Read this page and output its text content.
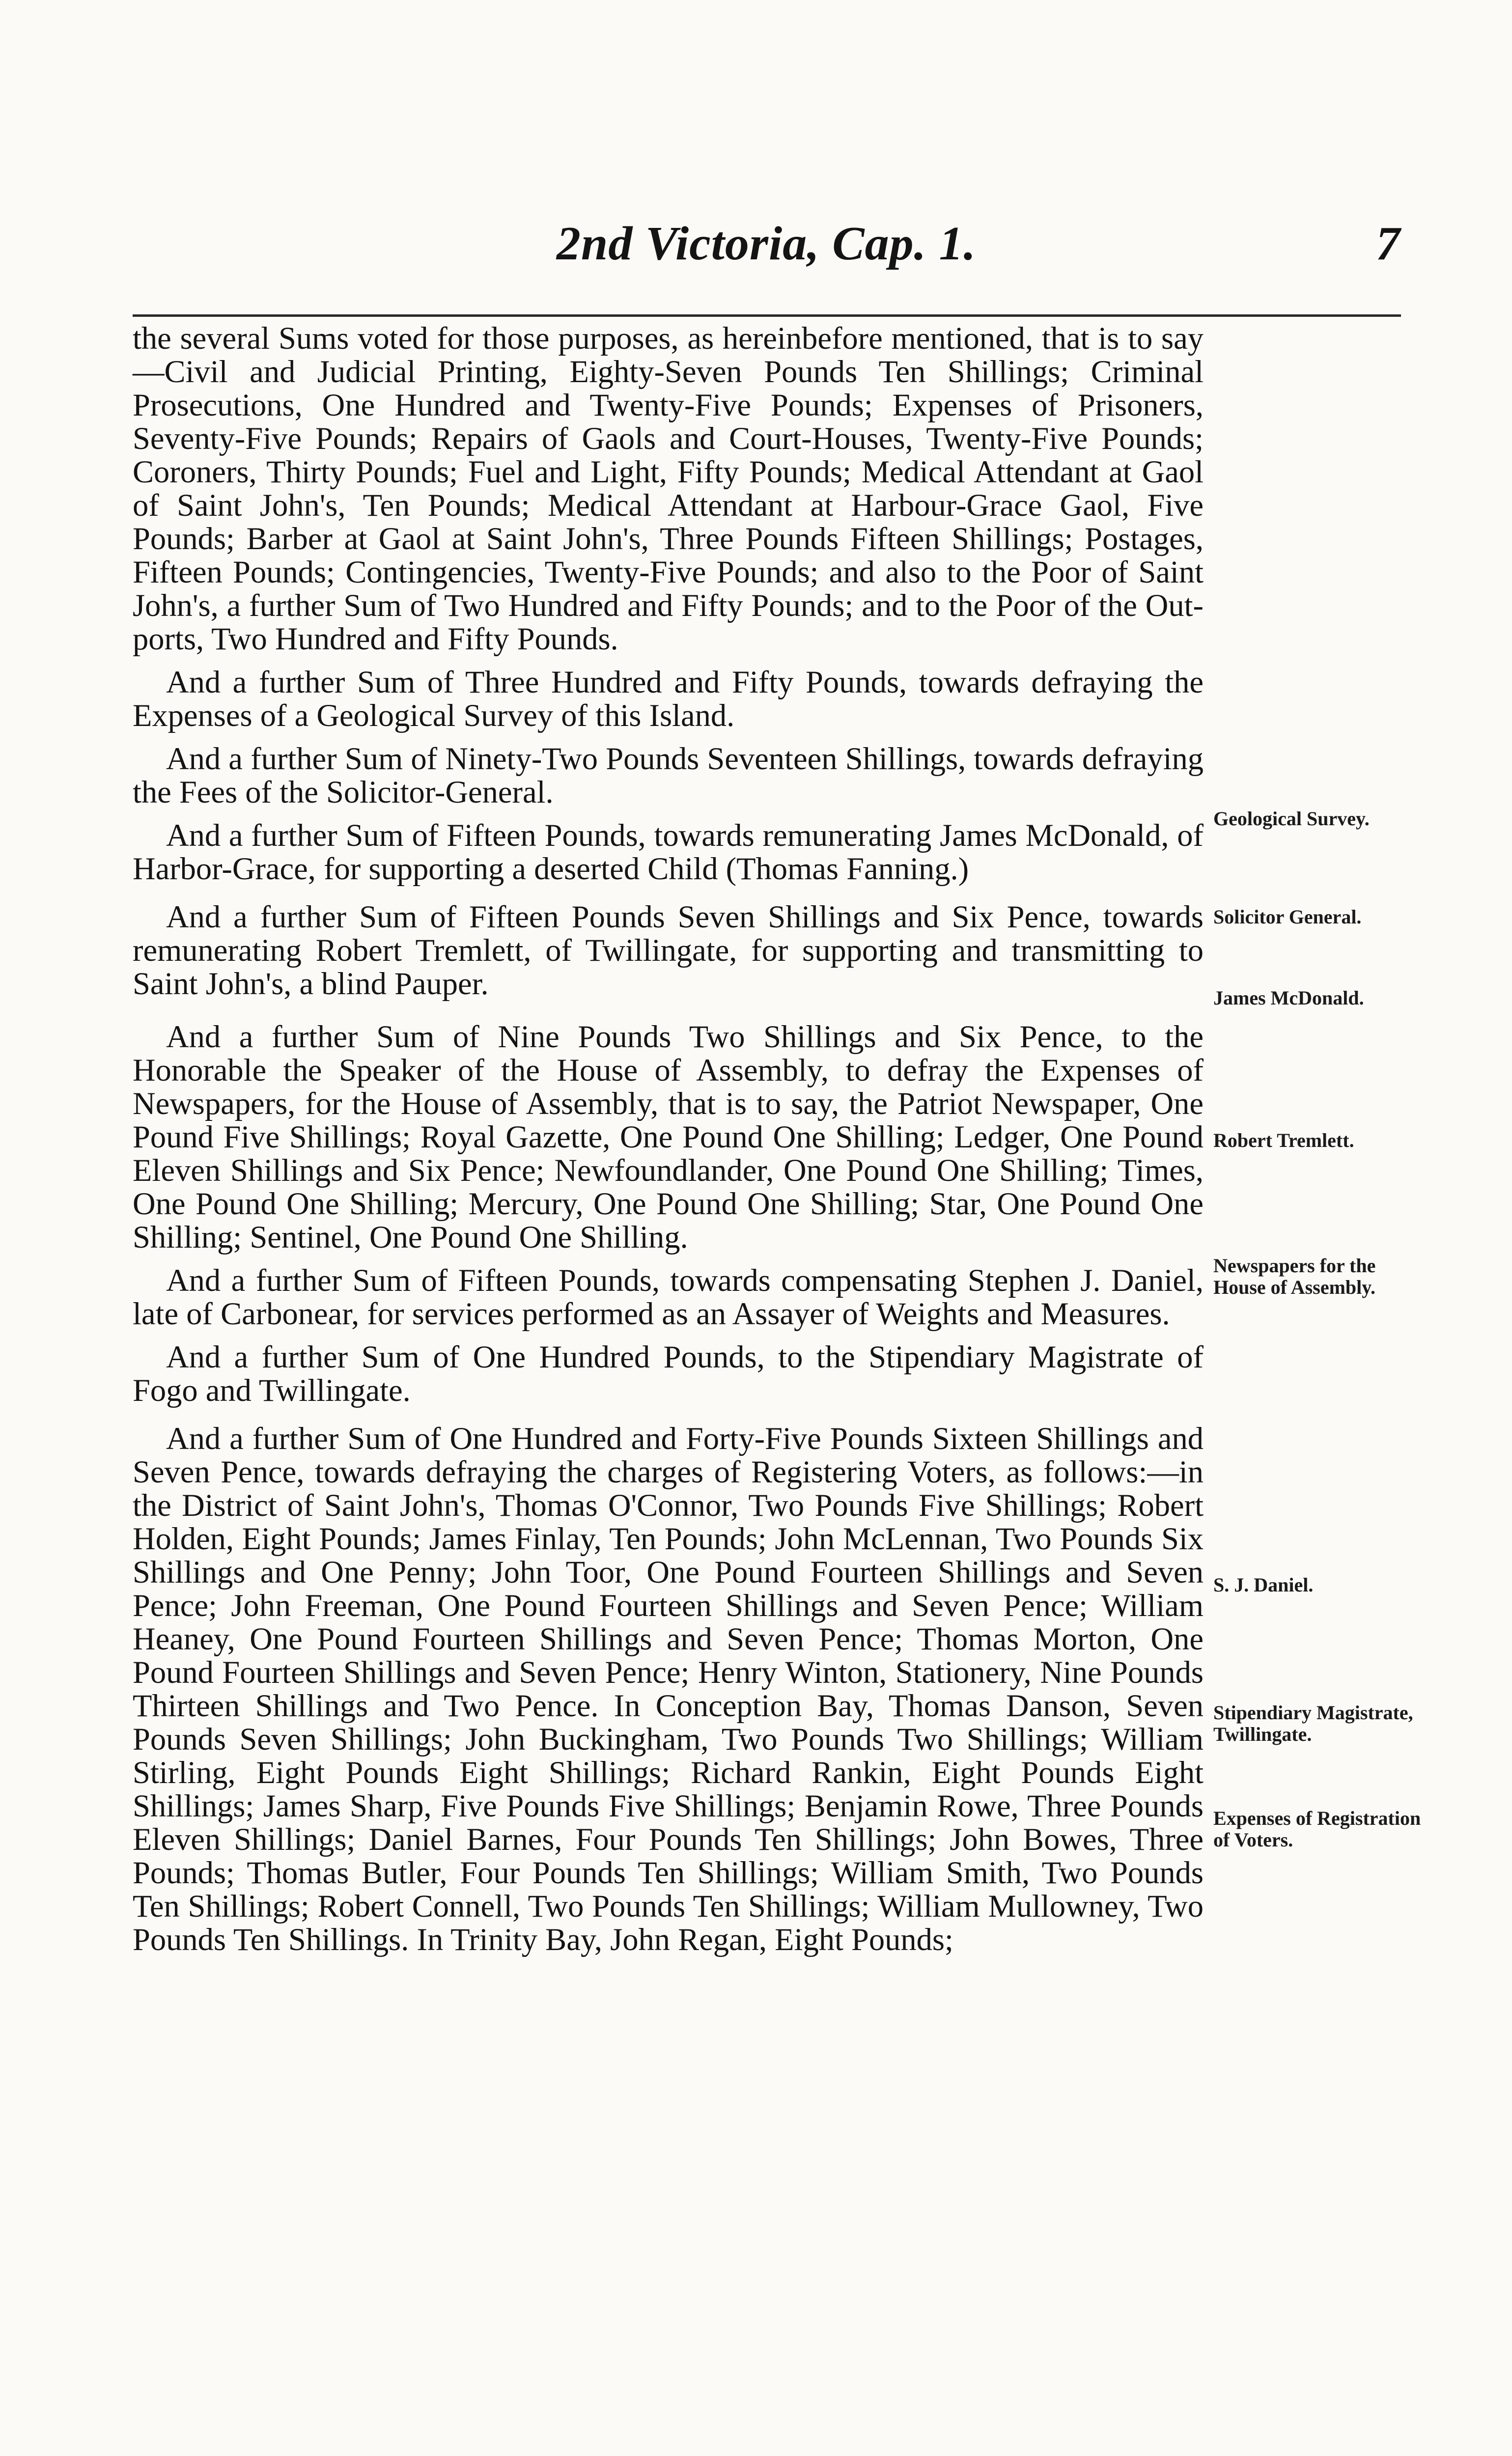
2nd Victoria, Cap. 1.	7

the several Sums voted for those purposes, as hereinbefore mentioned, that is to say—Civil and Judicial Printing, Eighty-Seven Pounds Ten Shillings; Criminal Prosecutions, One Hundred and Twenty-Five Pounds; Expenses of Prisoners, Seventy-Five Pounds; Repairs of Gaols and Court-Houses, Twenty-Five Pounds; Coroners, Thirty Pounds; Fuel and Light, Fifty Pounds; Medical Attendant at Gaol of Saint John's, Ten Pounds; Medical Attendant at Harbour-Grace Gaol, Five Pounds; Barber at Gaol at Saint John's, Three Pounds Fifteen Shillings; Postages, Fifteen Pounds; Contingencies, Twenty-Five Pounds; and also to the Poor of Saint John's, a further Sum of Two Hundred and Fifty Pounds; and to the Poor of the Out-ports, Two Hundred and Fifty Pounds.

And a further Sum of Three Hundred and Fifty Pounds, towards defraying the Expenses of a Geological Survey of this Island.

And a further Sum of Ninety-Two Pounds Seventeen Shillings, towards defraying the Fees of the Solicitor-General.

And a further Sum of Fifteen Pounds, towards remunerating James McDonald, of Harbor-Grace, for supporting a deserted Child (Thomas Fanning.)

And a further Sum of Fifteen Pounds Seven Shillings and Six Pence, towards remunerating Robert Tremlett, of Twillingate, for supporting and transmitting to Saint John's, a blind Pauper.

And a further Sum of Nine Pounds Two Shillings and Six Pence, to the Honorable the Speaker of the House of Assembly, to defray the Expenses of Newspapers, for the House of Assembly, that is to say, the Patriot Newspaper, One Pound Five Shillings; Royal Gazette, One Pound One Shilling; Ledger, One Pound Eleven Shillings and Six Pence; Newfoundlander, One Pound One Shilling; Times, One Pound One Shilling; Mercury, One Pound One Shilling; Star, One Pound One Shilling; Sentinel, One Pound One Shilling.

And a further Sum of Fifteen Pounds, towards compensating Stephen J. Daniel, late of Carbonear, for services performed as an Assayer of Weights and Measures.

And a further Sum of One Hundred Pounds, to the Stipendiary Magistrate of Fogo and Twillingate.

And a further Sum of One Hundred and Forty-Five Pounds Sixteen Shillings and Seven Pence, towards defraying the charges of Registering Voters, as follows:—in the District of Saint John's, Thomas O'Connor, Two Pounds Five Shillings; Robert Holden, Eight Pounds; James Finlay, Ten Pounds; John McLennan, Two Pounds Six Shillings and One Penny; John Toor, One Pound Fourteen Shillings and Seven Pence; John Freeman, One Pound Fourteen Shillings and Seven Pence; William Heaney, One Pound Fourteen Shillings and Seven Pence; Thomas Morton, One Pound Fourteen Shillings and Seven Pence; Henry Winton, Stationery, Nine Pounds Thirteen Shillings and Two Pence. In Conception Bay, Thomas Danson, Seven Pounds Seven Shillings; John Buckingham, Two Pounds Two Shillings; William Stirling, Eight Pounds Eight Shillings; Richard Rankin, Eight Pounds Eight Shillings; James Sharp, Five Pounds Five Shillings; Benjamin Rowe, Three Pounds Eleven Shillings; Daniel Barnes, Four Pounds Ten Shillings; John Bowes, Three Pounds; Thomas Butler, Four Pounds Ten Shillings; William Smith, Two Pounds Ten Shillings; Robert Connell, Two Pounds Ten Shillings; William Mullowney, Two Pounds Ten Shillings. In Trinity Bay, John Regan, Eight Pounds;

Geological Survey.
Solicitor General.
James McDonald.
Robert Tremlett.
Newspapers for the House of Assembly.
S. J. Daniel.
Stipendiary Magistrate, Twillingate.
Expenses of Registration of Voters.
